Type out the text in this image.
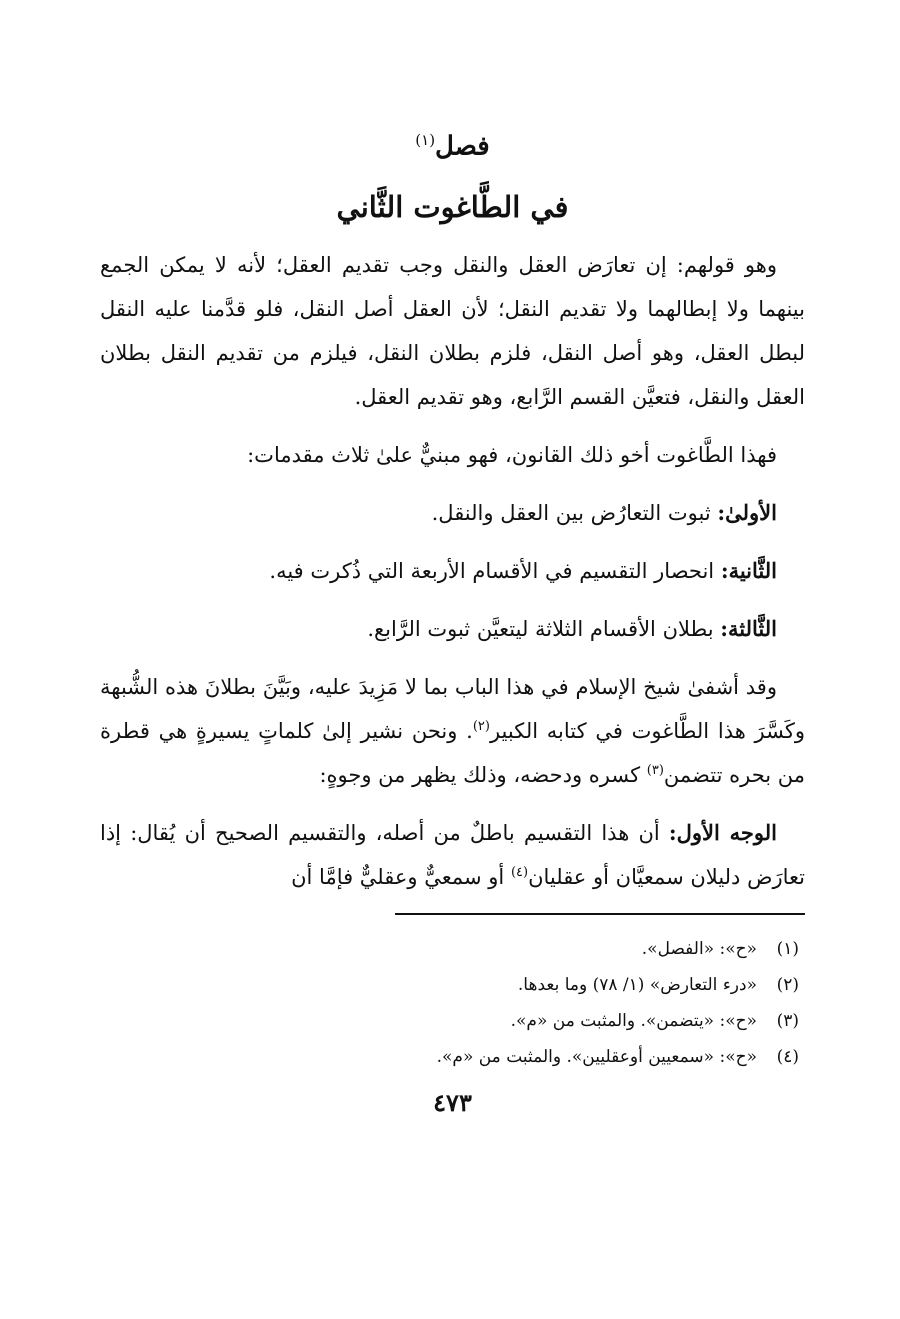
فصل$^{(١)}$
في الطَّاغوت الثَّاني

وهو قولهم: إن تعارَض العقل والنقل وجب تقديم العقل؛ لأنه لا يمكن الجمع بينهما ولا إبطالهما ولا تقديم النقل؛ لأن العقل أصل النقل، فلو قدَّمنا عليه النقل لبطل العقل، وهو أصل النقل، فلزم بطلان النقل، فيلزم من تقديم النقل بطلان العقل والنقل، فتعيَّن القسم الرَّابع، وهو تقديم العقل.

فهذا الطَّاغوت أخو ذلك القانون، فهو مبنيٌّ علىٰ ثلاث مقدمات:

الأولىٰ: ثبوت التعارُض بين العقل والنقل.

الثَّانية: انحصار التقسيم في الأقسام الأربعة التي ذُكرت فيه.

الثَّالثة: بطلان الأقسام الثلاثة ليتعيَّن ثبوت الرَّابع.

وقد أشفىٰ شيخ الإسلام في هذا الباب بما لا مَزِيدَ عليه، وبَيَّنَ بطلانَ هذه الشُّبهة وكَسَّرَ هذا الطَّاغوت في كتابه الكبير$^{(٢)}$. ونحن نشير إلىٰ كلماتٍ يسيرةٍ هي قطرة من بحره تتضمن$^{(٣)}$ كسره ودحضه، وذلك يظهر من وجوهٍ:

الوجه الأول: أن هذا التقسيم باطلٌ من أصله، والتقسيم الصحيح أن يُقال: إذا تعارَض دليلان سمعيَّان أو عقليان$^{(٤)}$ أو سمعيٌّ وعقليٌّ فإمَّا أن

(١)«ح»: «الفصل».
(٢)«درء التعارض» (١/ ٧٨) وما بعدها.
(٣)«ح»: «يتضمن». والمثبت من «م».
(٤)«ح»: «سمعيين أوعقليين». والمثبت من «م».
٤٧٣
